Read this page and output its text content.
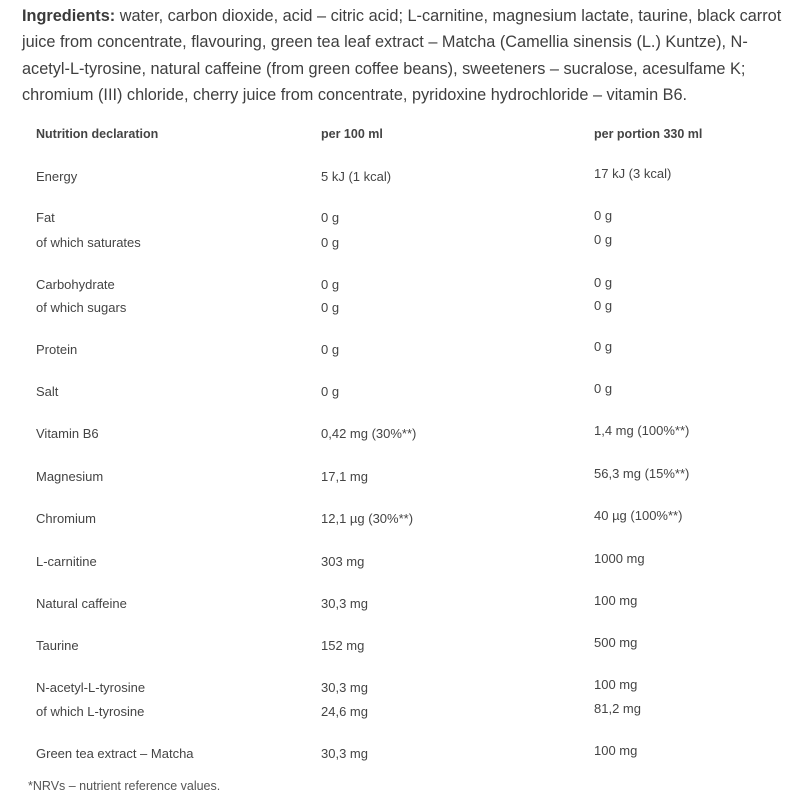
Ingredients: water, carbon dioxide, acid – citric acid; L-carnitine, magnesium lactate, taurine, black carrot juice from concentrate, flavouring, green tea leaf extract – Matcha (Camellia sinensis (L.) Kuntze), N-acetyl-L-tyrosine, natural caffeine (from green coffee beans), sweeteners – sucralose, acesulfame K; chromium (III) chloride, cherry juice from concentrate, pyridoxine hydrochloride – vitamin B6.

Nutrition declaration	per 100 ml	per portion 330 ml
Energy	5 kJ (1 kcal)	17 kJ (3 kcal)
Fat	0 g	0 g
of which saturates	0 g	0 g
Carbohydrate	0 g	0 g
of which sugars	0 g	0 g
Protein	0 g	0 g
Salt	0 g	0 g
Vitamin B6	0,42 mg (30%**)	1,4 mg (100%**)
Magnesium	17,1 mg	56,3 mg (15%**)
Chromium	12,1 µg (30%**)	40 µg (100%**)
L-carnitine	303 mg	1000 mg
Natural caffeine	30,3 mg	100 mg
Taurine	152 mg	500 mg
N-acetyl-L-tyrosine	30,3 mg	100 mg
of which L-tyrosine	24,6 mg	81,2 mg
Green tea extract – Matcha	30,3 mg	100 mg
*NRVs – nutrient reference values.
